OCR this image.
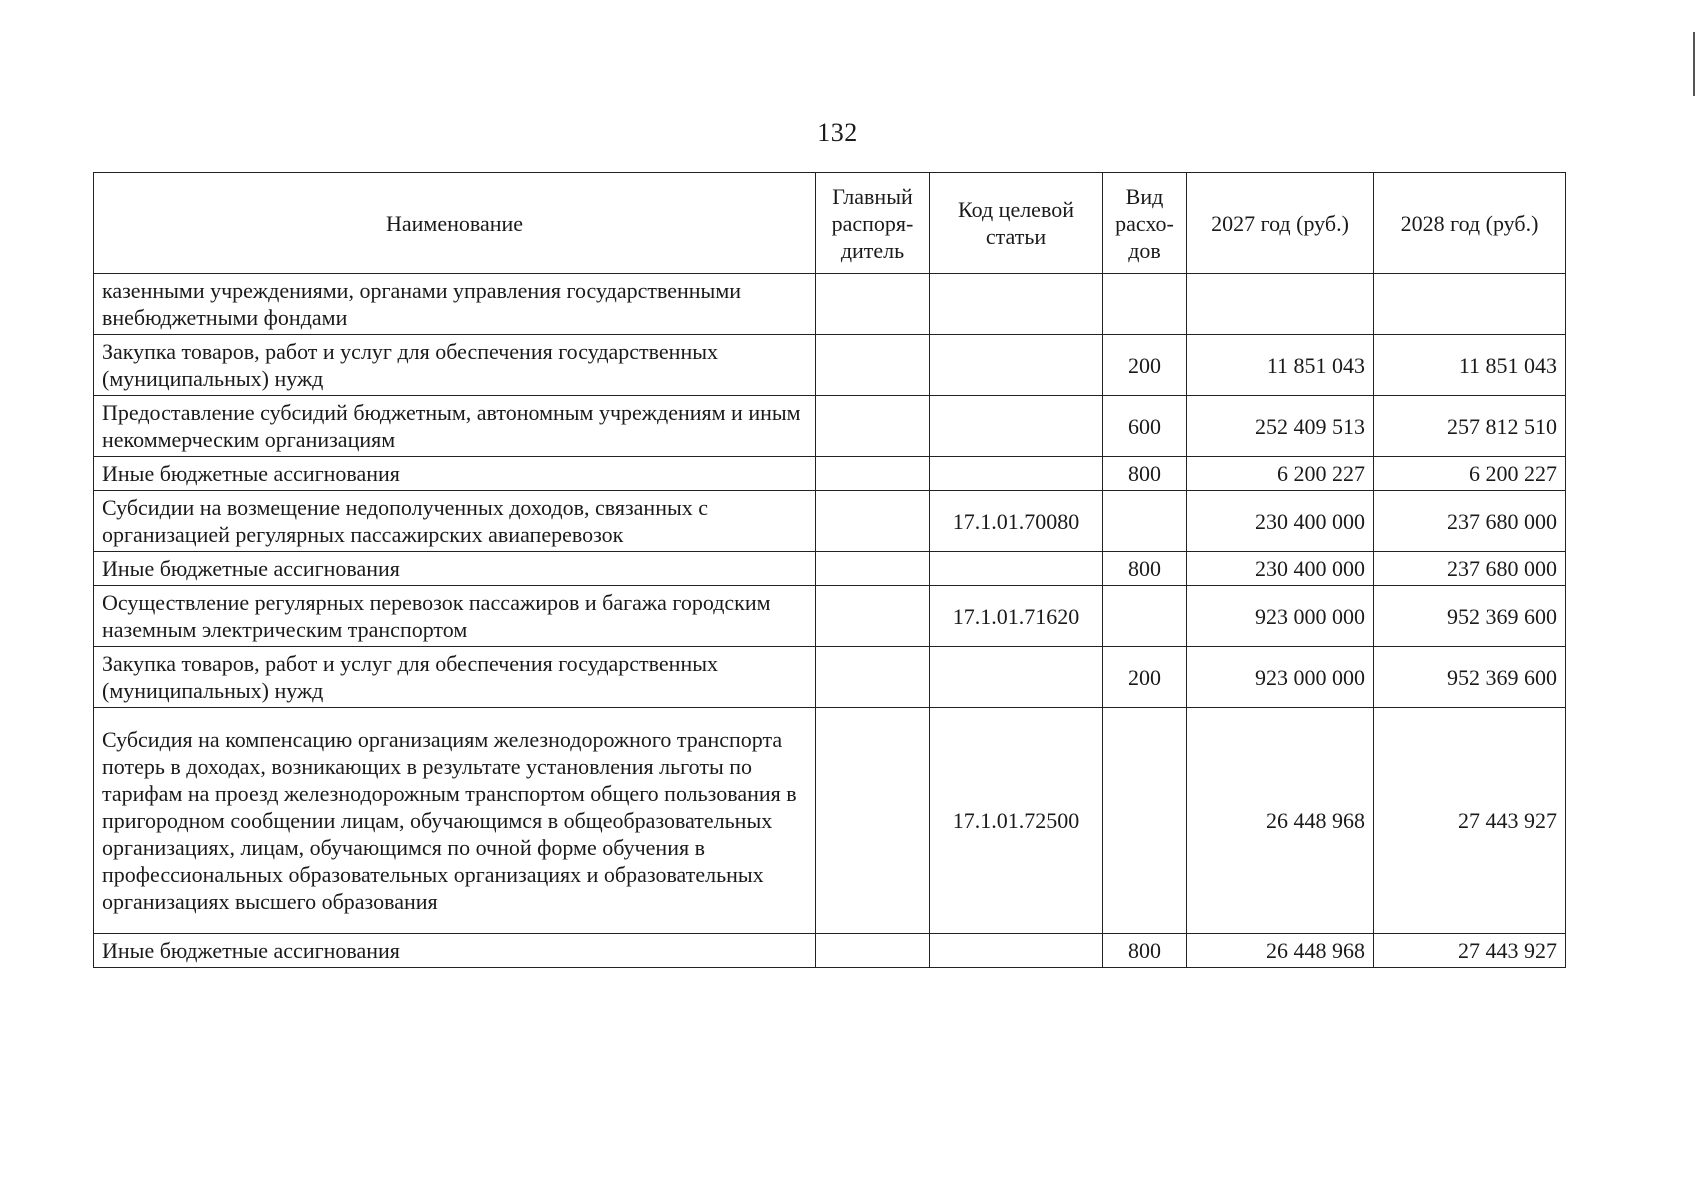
132
Наименование	Главный распоря-дитель	Код целевой статьи	Вид расхо-дов	2027 год (руб.)	2028 год (руб.)
казенными учреждениями, органами управления государственными внебюджетными фондами					
Закупка товаров, работ и услуг для обеспечения государственных (муниципальных) нужд			200	11 851 043	11 851 043
Предоставление субсидий бюджетным, автономным учреждениям и иным некоммерческим организациям			600	252 409 513	257 812 510
Иные бюджетные ассигнования			800	6 200 227	6 200 227
Субсидии на возмещение недополученных доходов, связанных с организацией регулярных пассажирских авиаперевозок		17.1.01.70080		230 400 000	237 680 000
Иные бюджетные ассигнования			800	230 400 000	237 680 000
Осуществление регулярных перевозок пассажиров и багажа городским наземным электрическим транспортом		17.1.01.71620		923 000 000	952 369 600
Закупка товаров, работ и услуг для обеспечения государственных (муниципальных) нужд			200	923 000 000	952 369 600
Субсидия на компенсацию организациям железнодорожного транспорта потерь в доходах, возникающих в результате установления льготы по тарифам на проезд железнодорожным транспортом общего пользования в пригородном сообщении лицам, обучающимся в общеобразовательных организациях, лицам, обучающимся по очной форме обучения в профессиональных образовательных организациях и образовательных организациях высшего образования		17.1.01.72500		26 448 968	27 443 927
Иные бюджетные ассигнования			800	26 448 968	27 443 927
